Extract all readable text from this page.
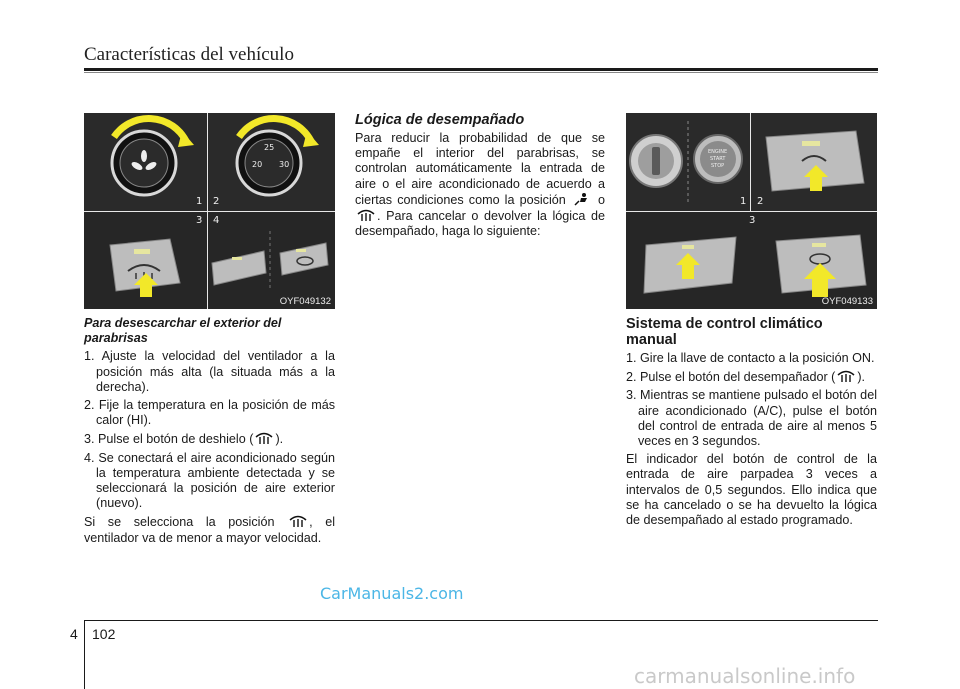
Características del vehículo
1 2
3 4
25
20 30
OYF049132
ENGINE
START
STOP
1 2
3
OYF049133

Para desescarchar el exterior del parabrisas

1. Ajuste la velocidad del ventilador a la posición más alta (la situada más a la derecha).

2. Fije la temperatura en la posición de más calor (HI).

3. Pulse el botón de deshielo ( ).

4. Se conectará el aire acondicionado según la temperatura ambiente detectada y se seleccionará la posición de aire exterior (nuevo).

Si se selecciona la posición	, el ventilador va de menor a mayor velocidad.

Lógica de desempañado

Para reducir la probabilidad de que se empañe el interior del parabrisas, se controlan automáticamente la entrada de aire o el aire acondicionado de acuerdo a ciertas condiciones como la posición	o . Para cancelar o devolver la lógica de desempañado, haga lo siguiente:

Sistema de control climático manual

1. Gire la llave de contacto a la posición ON.

2. Pulse el botón del desempañador ( ).

3. Mientras se mantiene pulsado el botón del aire acondicionado (A/C), pulse el botón del control de entrada de aire al menos 5 veces en 3 segundos.

El indicador del botón de control de la entrada de aire parpadea 3 veces a intervalos de 0,5 segundos. Ello indica que se ha cancelado o se ha devuelto la lógica de desempañado al estado programado.

CarManuals2.com
4 102
carmanualsonline.info
